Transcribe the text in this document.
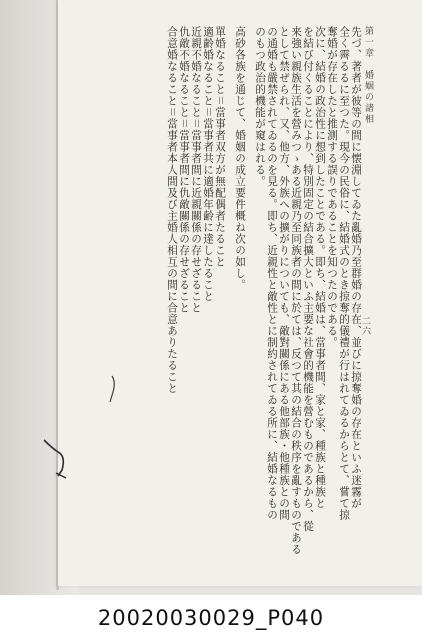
第一章　婚姻の諸相
先づ、著者が彼等の間に懐淵してゐた亂婚乃至群婚の存在、並びに掠奪婚の存在といふ迷霧が
全く霽るるに至つた。現今の民俗に、結婚式のとき掠奪的儀禮が行はれてゐるからとて、嘗て掠
奪婚が存在したと推測する誤りであることを知つたのである。
次に、結婚の政治性に想到したことである。即ち、結婚は、當事者間、家と家、種族と種族と
を結び付くることにより、特別固定の結合擴大といふ主要な社會的機能を營むものであるから、從
来強い親族生活を營みつゝある近親乃至同族者の間に於ては、反つて其の結合の秩序を亂すものである
として禁ぜられ、又、他方、外族への擴がりについても、敵對關係にある他部族・他種族との間
の通婚も嚴禁されてゐるのを見る。即ち、近親性と敵性とに制約されてゐる所に、結婚なるもの
のもつ政治的機能が窺はれる。
高砂各族を通じて、婚姻の成立要件概ね次の如し。
單婚なること＝當事者双方が無配偶者たること
適齢婚なること＝當事者共に適婚年齢に達したること
近親不婚なること＝當事者間に近親關係の存せざること
仇敵不婚なること＝當事者間に仇敵關係の存せざること
合意婚なること＝當事者本人間及び主婚人相互の間に合意ありたること	二六
20020030029_P040
